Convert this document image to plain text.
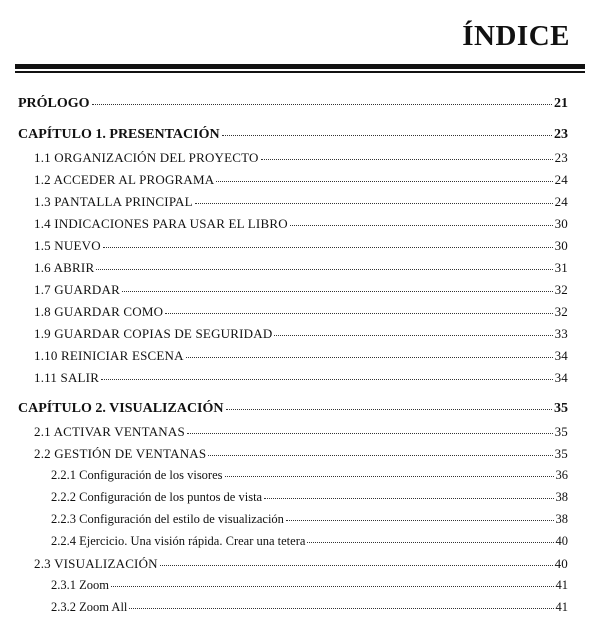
ÍNDICE
PRÓLOGO	21
CAPÍTULO 1. PRESENTACIÓN	23
1.1 ORGANIZACIÓN DEL PROYECTO	23
1.2 ACCEDER AL PROGRAMA	24
1.3 PANTALLA PRINCIPAL	24
1.4 INDICACIONES PARA USAR EL LIBRO	30
1.5 NUEVO	30
1.6 ABRIR	31
1.7 GUARDAR	32
1.8 GUARDAR COMO	32
1.9 GUARDAR COPIAS DE SEGURIDAD	33
1.10 REINICIAR ESCENA	34
1.11 SALIR	34
CAPÍTULO 2. VISUALIZACIÓN	35
2.1 ACTIVAR VENTANAS	35
2.2 GESTIÓN DE VENTANAS	35
2.2.1 Configuración de los visores	36
2.2.2 Configuración de los puntos de vista	38
2.2.3 Configuración del estilo de visualización	38
2.2.4 Ejercicio. Una visión rápida. Crear una tetera	40
2.3 VISUALIZACIÓN	40
2.3.1 Zoom	41
2.3.2 Zoom All	41
